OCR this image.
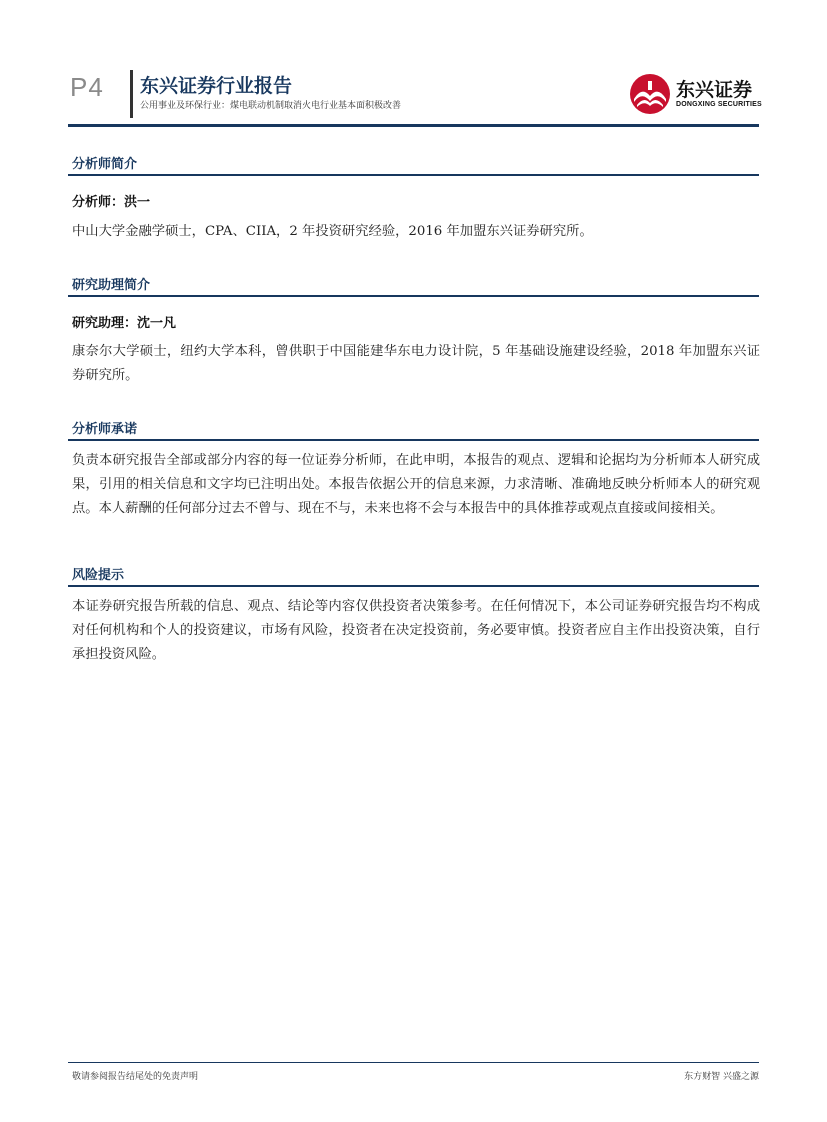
P4 东兴证券行业报告
公用事业及环保行业：煤电联动机制取消火电行业基本面积极改善
东兴证券
DONGXING SECURITIES
分析师简介
分析师：洪一
中山大学金融学硕士，CPA、CIIA，2 年投资研究经验，2016 年加盟东兴证券研究所。
研究助理简介
研究助理：沈一凡
康奈尔大学硕士，纽约大学本科，曾供职于中国能建华东电力设计院，5 年基础设施建设经验，2018 年加盟东兴证券研究所。
分析师承诺
负责本研究报告全部或部分内容的每一位证券分析师，在此申明，本报告的观点、逻辑和论据均为分析师本人研究成果，引用的相关信息和文字均已注明出处。本报告依据公开的信息来源，力求清晰、准确地反映分析师本人的研究观点。本人薪酬的任何部分过去不曾与、现在不与，未来也将不会与本报告中的具体推荐或观点直接或间接相关。
风险提示
本证券研究报告所载的信息、观点、结论等内容仅供投资者决策参考。在任何情况下，本公司证券研究报告均不构成对任何机构和个人的投资建议，市场有风险，投资者在决定投资前，务必要审慎。投资者应自主作出投资决策，自行承担投资风险。
敬请参阅报告结尾处的免责声明	东方财智 兴盛之源
